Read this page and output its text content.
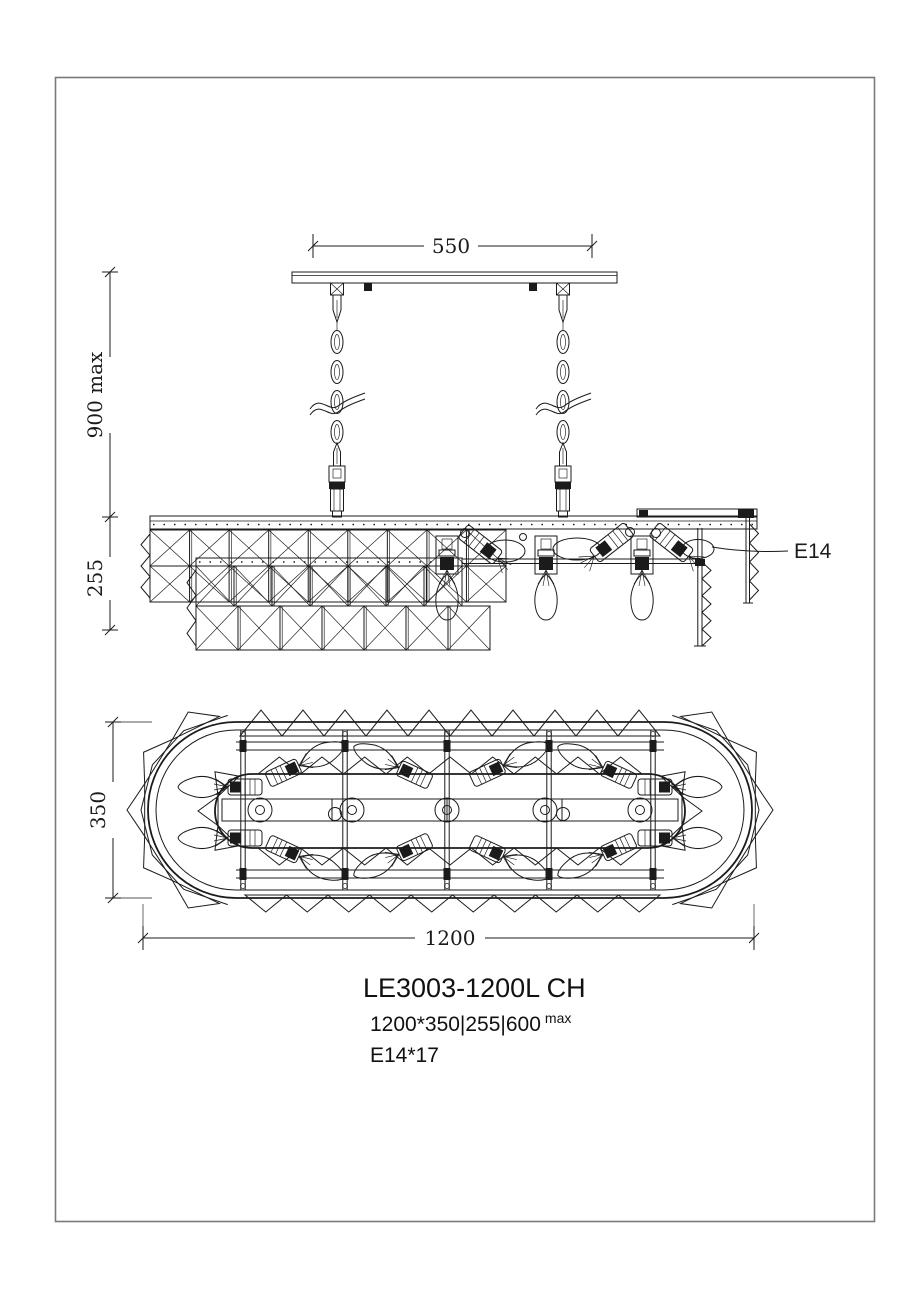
550
900 max
255
E14
350
1200
LE3003-1200L CH
1200*350|255|600 $^{max}$
E14*17
